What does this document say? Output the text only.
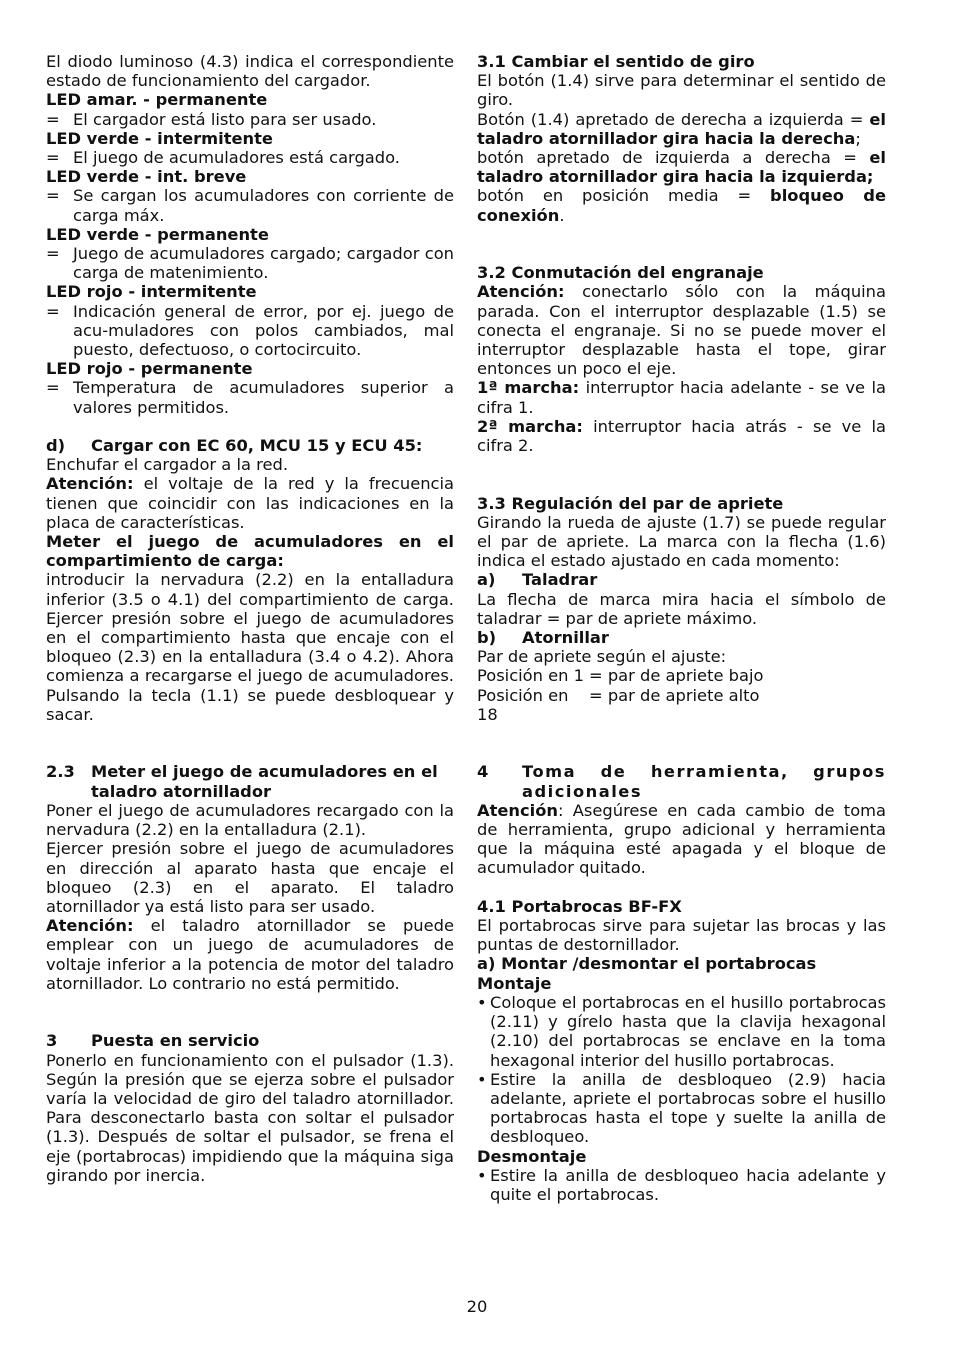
El diodo luminoso (4.3) indica el correspondiente estado de funcionamiento del cargador.

LED amar. - permanente

= El cargador está listo para ser usado.

LED verde - intermitente

= El juego de acumuladores está cargado.

LED verde - int. breve

= Se cargan los acumuladores con corriente de carga máx.

LED verde - permanente

= Juego de acumuladores cargado; cargador con carga de matenimiento.

LED rojo - intermitente

= Indicación general de error, por ej. juego de acu-muladores con polos cambiados, mal puesto, defectuoso, o cortocircuito.

LED rojo - permanente

= Temperatura de acumuladores superior a valores permitidos.
d)	Cargar con EC 60, MCU 15 y ECU 45:

Enchufar el cargador a la red.

Atención: el voltaje de la red y la frecuencia tienen que coincidir con las indicaciones en la placa de características.

Meter el juego de acumuladores en el compartimiento de carga:

introducir la nervadura (2.2) en la entalladura inferior (3.5 o 4.1) del compartimiento de carga. Ejercer presión sobre el juego de acumuladores en el compartimiento hasta que encaje con el bloqueo (2.3) en la entalladura (3.4 o 4.2). Ahora comienza a recargarse el juego de acumuladores. Pulsando la tecla (1.1) se puede desbloquear y sacar.

2.3 Meter el juego de acumuladores en el taladro atornillador

Poner el juego de acumuladores recargado con la nervadura (2.2) en la entalladura (2.1).

Ejercer presión sobre el juego de acumuladores en dirección al aparato hasta que encaje el bloqueo (2.3) en el aparato. El taladro atornillador ya está listo para ser usado.

Atención: el taladro atornillador se puede emplear con un juego de acumuladores de voltaje inferior a la potencia de motor del taladro atornillador. Lo contrario no está permitido.

3	Puesta en servicio

Ponerlo en funcionamiento con el pulsador (1.3). Según la presión que se ejerza sobre el pulsador varía la velocidad de giro del taladro atornillador. Para desconectarlo basta con soltar el pulsador (1.3). Después de soltar el pulsador, se frena el eje (portabrocas) impidiendo que la máquina siga girando por inercia.

3.1 Cambiar el sentido de giro

El botón (1.4) sirve para determinar el sentido de giro.

Botón (1.4) apretado de derecha a izquierda = el taladro atornillador gira hacia la derecha;

botón apretado de izquierda a derecha = el taladro atornillador gira hacia la izquierda;

botón en posición media = bloqueo de conexión.

3.2 Conmutación del engranaje

Atención: conectarlo sólo con la máquina parada. Con el interruptor desplazable (1.5) se conecta el engranaje. Si no se puede mover el interruptor desplazable hasta el tope, girar entonces un poco el eje.

1ª marcha: interruptor hacia adelante - se ve la cifra 1.

2ª marcha: interruptor hacia atrás - se ve la cifra 2.

3.3 Regulación del par de apriete

Girando la rueda de ajuste (1.7) se puede regular el par de apriete. La marca con la flecha (1.6) indica el estado ajustado en cada momento:

a)	Taladrar

La flecha de marca mira hacia el símbolo de taladrar = par de apriete máximo.

b)	Atornillar

Par de apriete según el ajuste:

Posición en 1 = par de apriete bajo
Posición en 18
= par de apriete alto
4	Toma de herramienta, grupos adicionales

Atención: Asegúrese en cada cambio de toma de herramienta, grupo adicional y herramienta que la máquina esté apagada y el bloque de acumulador quitado.

4.1 Portabrocas BF-FX

El portabrocas sirve para sujetar las brocas y las puntas de destornillador.

a) Montar /desmontar el portabrocas

Montaje

• Coloque el portabrocas en el husillo portabrocas (2.11) y gírelo hasta que la clavija hexagonal (2.10) del portabrocas se enclave en la toma hexagonal interior del husillo portabrocas.
• Estire la anilla de desbloqueo (2.9) hacia adelante, apriete el portabrocas sobre el husillo portabrocas hasta el tope y suelte la anilla de desbloqueo.

Desmontaje

• Estire la anilla de desbloqueo hacia adelante y quite el portabrocas.
20
